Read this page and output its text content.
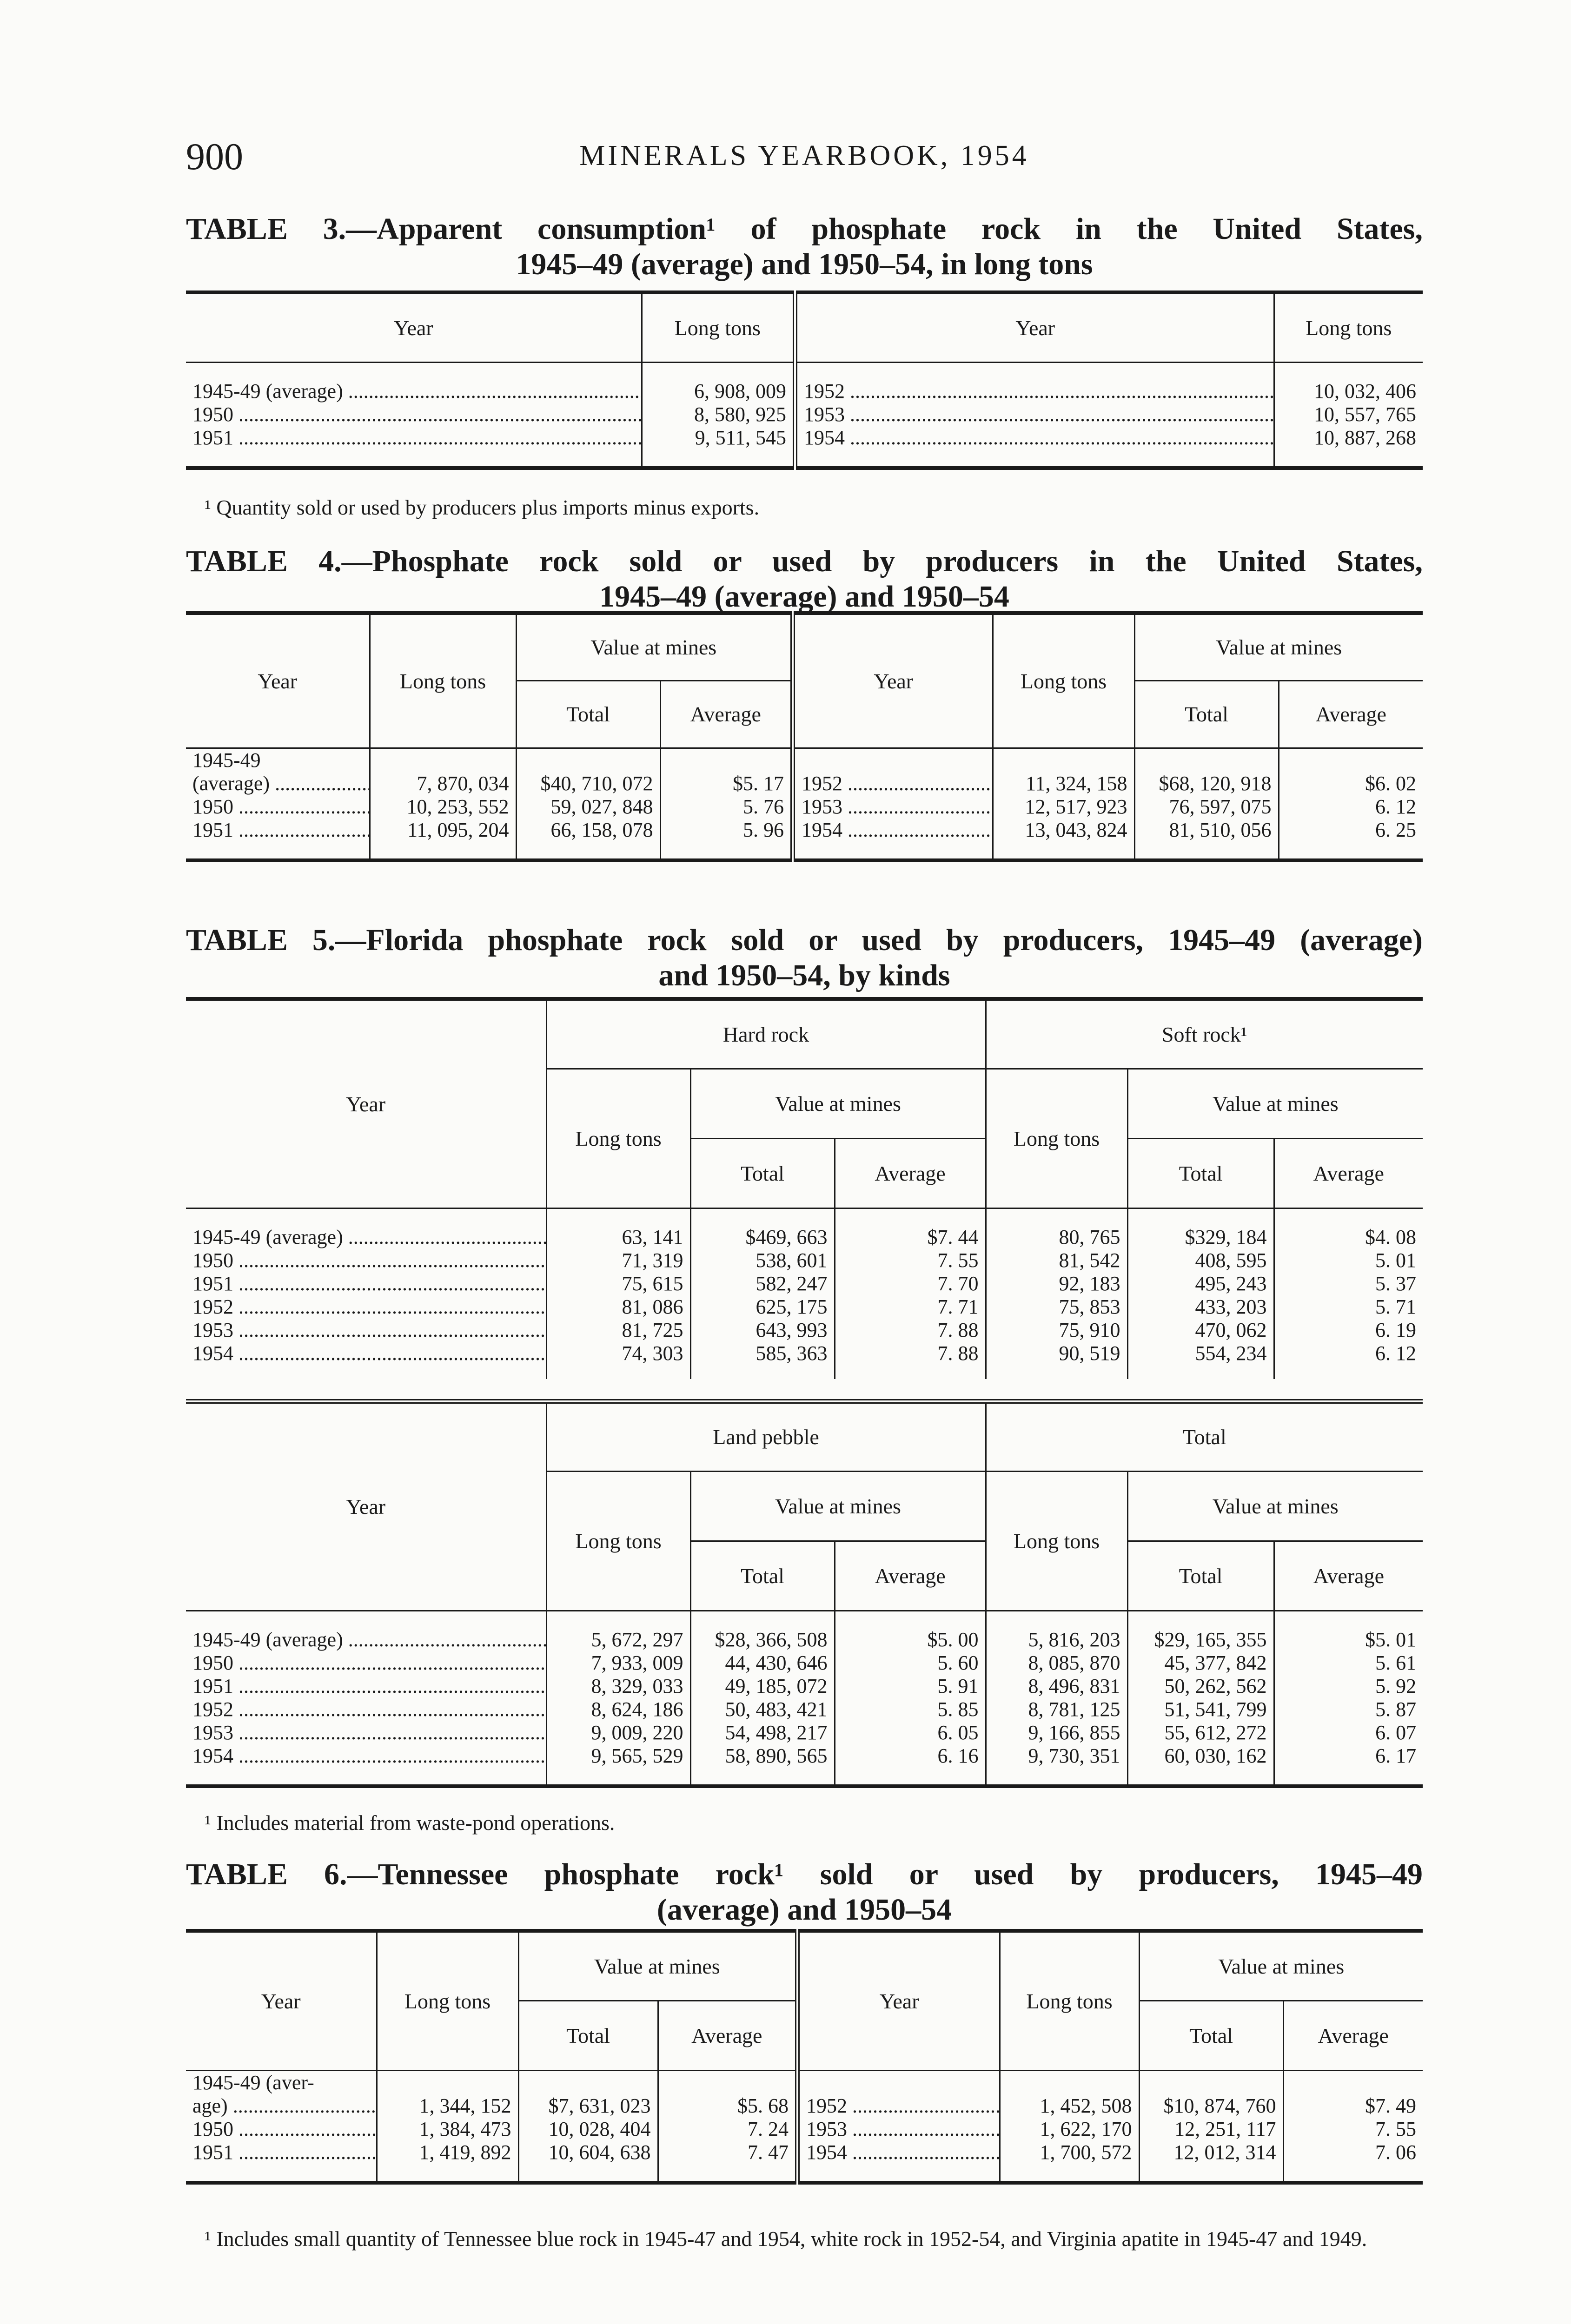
900	MINERALS YEARBOOK, 1954
TABLE 3.—Apparent consumption¹ of phosphate rock in the United States,
1945–49 (average) and 1950–54, in long tons
Year	Long tons	Year	Long tons

1945-49 (average) .....	6, 908, 009	1952 .....	10, 032, 406
1950 .....	8, 580, 925	1953 .....	10, 557, 765
1951 .....	9, 511, 545	1954 .....	10, 887, 268

¹ Quantity sold or used by producers plus imports minus exports.
TABLE 4.—Phosphate rock sold or used by producers in the United States,
1945–49 (average) and 1950–54
Year	Long tons	Value at mines		Year	Long tons	Value at mines	
		Total	Average			Total	Average
1945-49							
(average) .....	7, 870, 034	$40, 710, 072	$5. 17	1952 .....	11, 324, 158	$68, 120, 918	$6. 02
1950 .....	10, 253, 552	59, 027, 848	5. 76	1953 .....	12, 517, 923	76, 597, 075	6. 12
1951 .....	11, 095, 204	66, 158, 078	5. 96	1954 .....	13, 043, 824	81, 510, 056	6. 25

TABLE 5.—Florida phosphate rock sold or used by producers, 1945–49 (average)
and 1950–54, by kinds
Year	Hard rock			Soft rock¹		
	Long tons	Value at mines		Long tons	Value at mines	
		Total	Average		Total	Average

1945-49 (average) .....	63, 141	$469, 663	$7. 44	80, 765	$329, 184	$4. 08
1950 .....	71, 319	538, 601	7. 55	81, 542	408, 595	5. 01
1951 .....	75, 615	582, 247	7. 70	92, 183	495, 243	5. 37
1952 .....	81, 086	625, 175	7. 71	75, 853	433, 203	5. 71
1953 .....	81, 725	643, 993	7. 88	75, 910	470, 062	6. 19
1954 .....	74, 303	585, 363	7. 88	90, 519	554, 234	6. 12

Year	Land pebble			Total		
	Long tons	Value at mines		Long tons	Value at mines	
		Total	Average		Total	Average

1945-49 (average) .....	5, 672, 297	$28, 366, 508	$5. 00	5, 816, 203	$29, 165, 355	$5. 01
1950 .....	7, 933, 009	44, 430, 646	5. 60	8, 085, 870	45, 377, 842	5. 61
1951 .....	8, 329, 033	49, 185, 072	5. 91	8, 496, 831	50, 262, 562	5. 92
1952 .....	8, 624, 186	50, 483, 421	5. 85	8, 781, 125	51, 541, 799	5. 87
1953 .....	9, 009, 220	54, 498, 217	6. 05	9, 166, 855	55, 612, 272	6. 07
1954 .....	9, 565, 529	58, 890, 565	6. 16	9, 730, 351	60, 030, 162	6. 17

¹ Includes material from waste-pond operations.
TABLE 6.—Tennessee phosphate rock¹ sold or used by producers, 1945–49
(average) and 1950–54
Year	Long tons	Value at mines		Year	Long tons	Value at mines	
		Total	Average			Total	Average
1945-49 (aver-							
age) .....	1, 344, 152	$7, 631, 023	$5. 68	1952 .....	1, 452, 508	$10, 874, 760	$7. 49
1950 .....	1, 384, 473	10, 028, 404	7. 24	1953 .....	1, 622, 170	12, 251, 117	7. 55
1951 .....	1, 419, 892	10, 604, 638	7. 47	1954 .....	1, 700, 572	12, 012, 314	7. 06

¹ Includes small quantity of Tennessee blue rock in 1945-47 and 1954, white rock in 1952-54, and Virginia apatite in 1945-47 and 1949.
